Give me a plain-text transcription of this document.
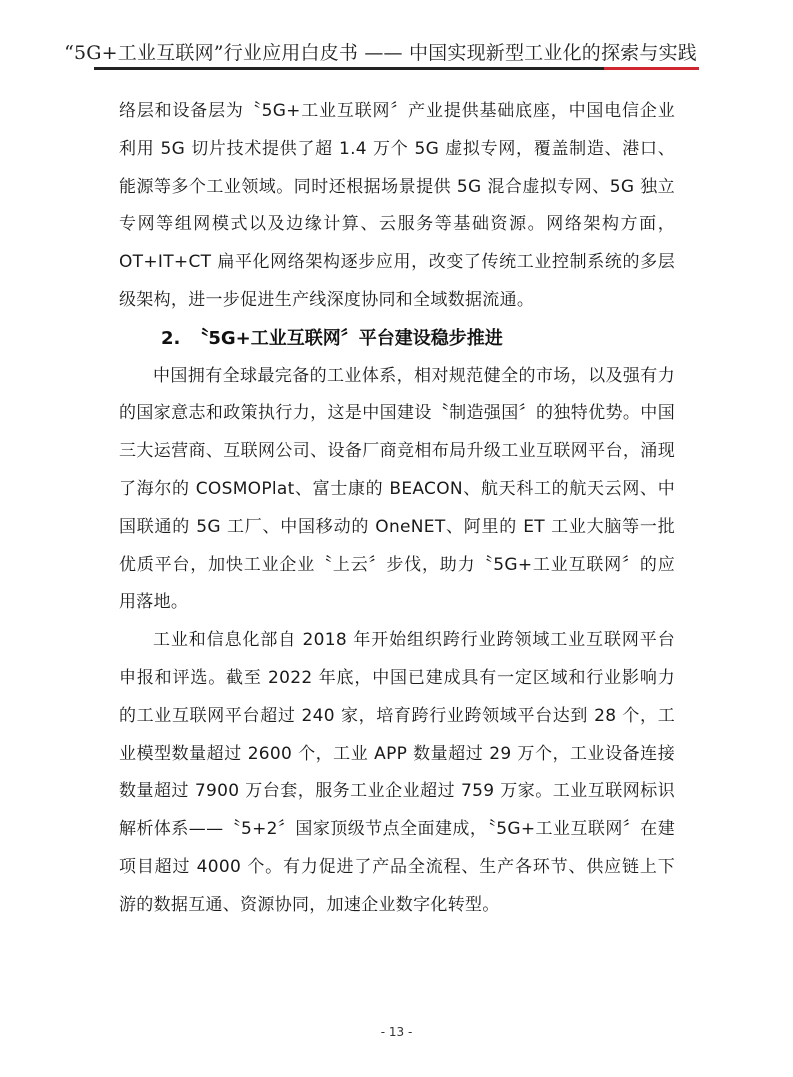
“5G+工业互联网”行业应用白皮书 —— 中国实现新型工业化的探索与实践

络层和设备层为〝5G+工业互联网〞产业提供基础底座，中国电信企业利用 5G 切片技术提供了超 1.4 万个 5G 虚拟专网，覆盖制造、港口、能源等多个工业领域。同时还根据场景提供 5G 混合虚拟专网、5G 独立专网等组网模式以及边缘计算、云服务等基础资源。网络架构方面，OT+IT+CT 扁平化网络架构逐步应用，改变了传统工业控制系统的多层级架构，进一步促进生产线深度协同和全域数据流通。

2. 〝5G+工业互联网〞平台建设稳步推进

中国拥有全球最完备的工业体系，相对规范健全的市场，以及强有力的国家意志和政策执行力，这是中国建设〝制造强国〞的独特优势。中国三大运营商、互联网公司、设备厂商竞相布局升级工业互联网平台，涌现了海尔的 COSMOPlat、富士康的 BEACON、航天科工的航天云网、中国联通的 5G 工厂、中国移动的 OneNET、阿里的 ET 工业大脑等一批优质平台，加快工业企业〝上云〞步伐，助力〝5G+工业互联网〞的应用落地。

工业和信息化部自 2018 年开始组织跨行业跨领域工业互联网平台申报和评选。截至 2022 年底，中国已建成具有一定区域和行业影响力的工业互联网平台超过 240 家，培育跨行业跨领域平台达到 28 个，工业模型数量超过 2600 个，工业 APP 数量超过 29 万个，工业设备连接数量超过 7900 万台套，服务工业企业超过 759 万家。工业互联网标识解析体系——〝5+2〞国家顶级节点全面建成，〝5G+工业互联网〞在建项目超过 4000 个。有力促进了产品全流程、生产各环节、供应链上下游的数据互通、资源协同，加速企业数字化转型。

- 13 -
